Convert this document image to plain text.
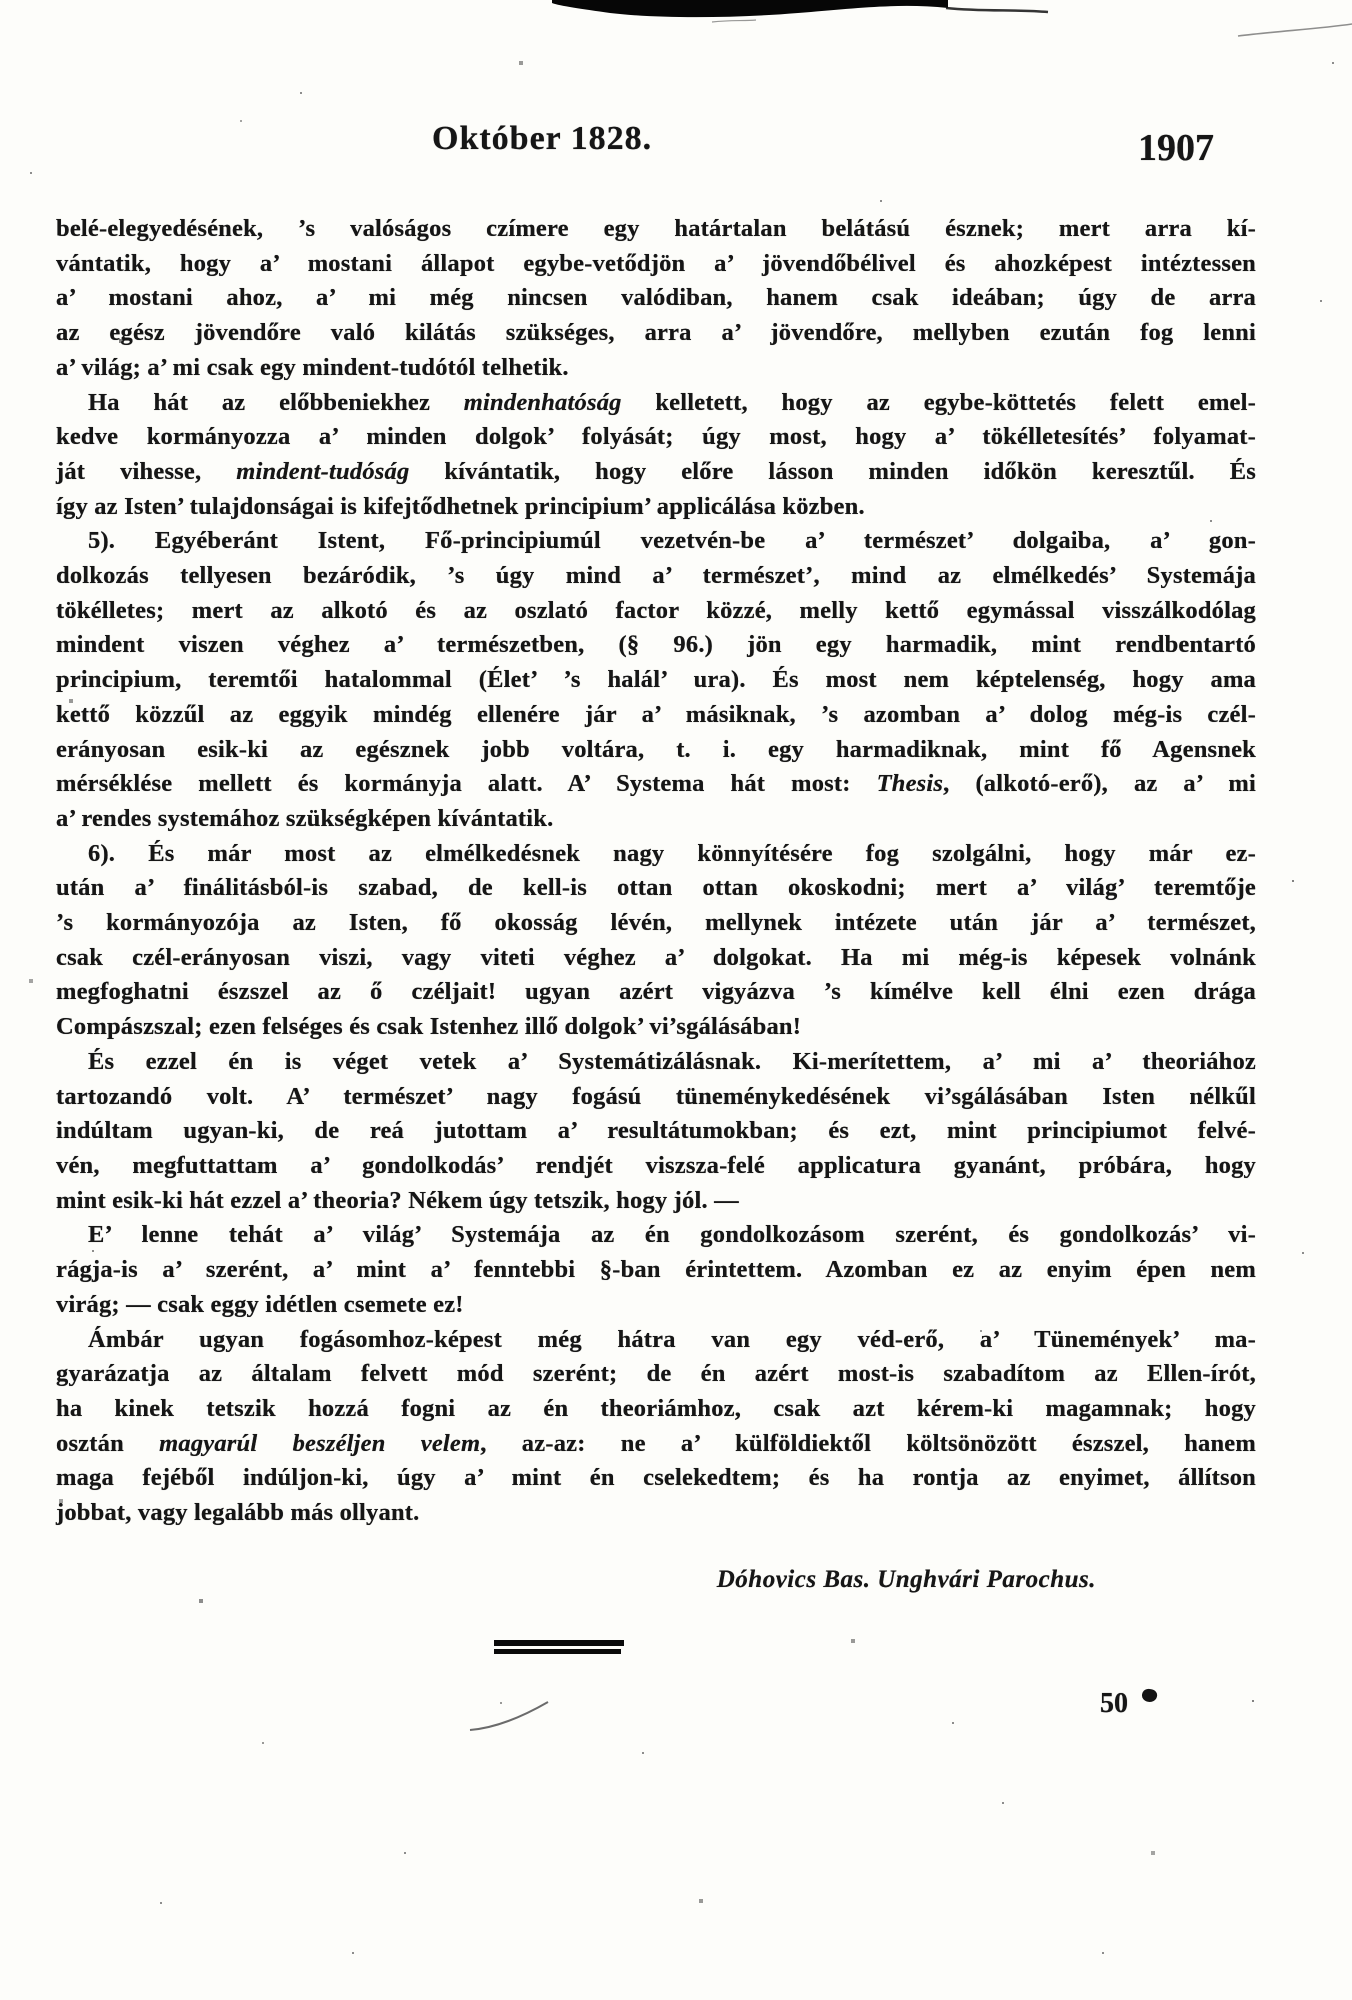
Október 1828.	1907
belé-elegyedésének, ’s valóságos czímere egy határtalan belátású észnek; mert arra kí-
vántatik, hogy a’ mostani állapot egybe-vetődjön a’ jövendőbélivel és ahozképest intéztessen
a’ mostani ahoz, a’ mi még nincsen valódiban, hanem csak ideában; úgy de arra
az egész jövendőre való kilátás szükséges, arra a’ jövendőre, mellyben ezután fog lenni
a’ világ; a’ mi csak egy mindent-tudótól telhetik.
Ha hát az előbbeniekhez mindenhatóság kelletett, hogy az egybe-köttetés felett emel-
kedve kormányozza a’ minden dolgok’ folyását; úgy most, hogy a’ tökélletesítés’ folyamat-
ját vihesse, mindent-tudóság kívántatik, hogy előre lásson minden időkön keresztűl. És
így az Isten’ tulajdonságai is kifejtődhetnek principium’ applicálása közben.
5). Egyéberánt Istent, Fő-principiumúl vezetvén-be a’ természet’ dolgaiba, a’ gon-
dolkozás tellyesen bezáródik, ’s úgy mind a’ természet’, mind az elmélkedés’ Systemája
tökélletes; mert az alkotó és az oszlató factor közzé, melly kettő egymással visszálkodólag
mindent viszen véghez a’ természetben, (§ 96.) jön egy harmadik, mint rendbentartó
principium, teremtői hatalommal (Élet’ ’s halál’ ura). És most nem képtelenség, hogy ama
kettő közzűl az eggyik mindég ellenére jár a’ másiknak, ’s azomban a’ dolog még-is czél-
erányosan esik-ki az egésznek jobb voltára, t. i. egy harmadiknak, mint fő Agensnek
mérséklése mellett és kormányja alatt. A’ Systema hát most: Thesis, (alkotó-erő), az a’ mi
a’ rendes systemához szükségképen kívántatik.
6). És már most az elmélkedésnek nagy könnyítésére fog szolgálni, hogy már ez-
után a’ finálitásból-is szabad, de kell-is ottan ottan okoskodni; mert a’ világ’ teremtője
’s kormányozója az Isten, fő okosság lévén, mellynek intézete után jár a’ természet,
csak czél-erányosan viszi, vagy viteti véghez a’ dolgokat. Ha mi még-is képesek volnánk
megfoghatni észszel az ő czéljait! ugyan azért vigyázva ’s kímélve kell élni ezen drága
Compászszal; ezen felséges és csak Istenhez illő dolgok’ vi’sgálásában!
És ezzel én is véget vetek a’ Systemátizálásnak. Ki-merítettem, a’ mi a’ theoriához
tartozandó volt. A’ természet’ nagy fogású tüneménykedésének vi’sgálásában Isten nélkűl
indúltam ugyan-ki, de reá jutottam a’ resultátumokban; és ezt, mint principiumot felvé-
vén, megfuttattam a’ gondolkodás’ rendjét viszsza-felé applicatura gyanánt, próbára, hogy
mint esik-ki hát ezzel a’ theoria? Nékem úgy tetszik, hogy jól. —
E’ lenne tehát a’ világ’ Systemája az én gondolkozásom szerént, és gondolkozás’ vi-
rágja-is a’ szerént, a’ mint a’ fenntebbi §-ban érintettem. Azomban ez az enyim épen nem
virág; — csak eggy idétlen csemete ez!
Ámbár ugyan fogásomhoz-képest még hátra van egy véd-erő, a’ Tünemények’ ma-
gyarázatja az általam felvett mód szerént; de én azért most-is szabadítom az Ellen-írót,
ha kinek tetszik hozzá fogni az én theoriámhoz, csak azt kérem-ki magamnak; hogy
osztán magyarúl beszéljen velem, az-az: ne a’ külföldiektől költsönözött észszel, hanem
maga fejéből indúljon-ki, úgy a’ mint én cselekedtem; és ha rontja az enyimet, állítson
jobbat, vagy legalább más ollyant.
Dóhovics Bas. Unghvári Parochus.
50
